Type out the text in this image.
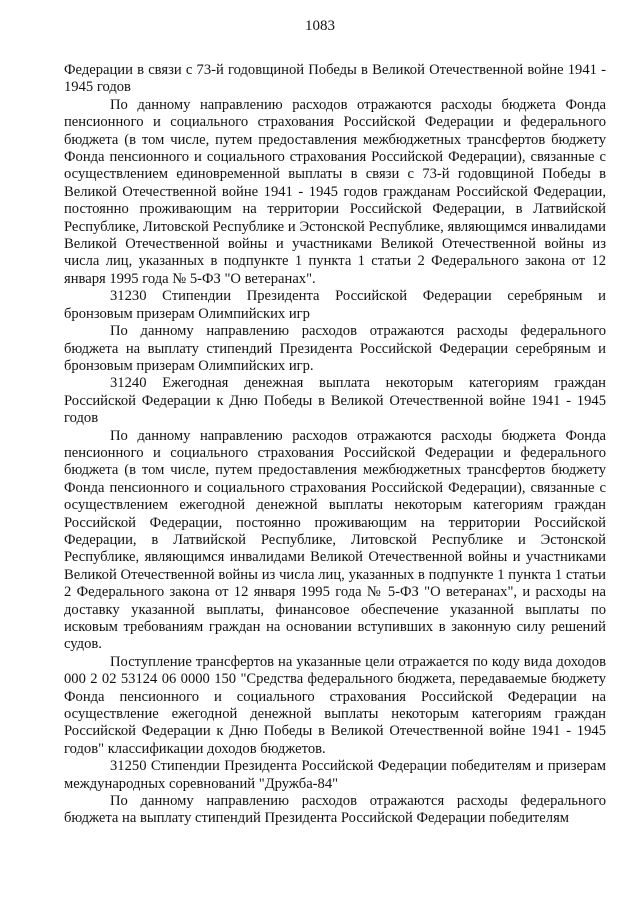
1083

Федерации в связи с 73-й годовщиной Победы в Великой Отечественной войне 1941 - 1945 годов

По данному направлению расходов отражаются расходы бюджета Фонда пенсионного и социального страхования Российской Федерации и федерального бюджета (в том числе, путем предоставления межбюджетных трансфертов бюджету Фонда пенсионного и социального страхования Российской Федерации), связанные с осуществлением единовременной выплаты в связи с 73-й годовщиной Победы в Великой Отечественной войне 1941 - 1945 годов гражданам Российской Федерации, постоянно проживающим на территории Российской Федерации, в Латвийской Республике, Литовской Республике и Эстонской Республике, являющимся инвалидами Великой Отечественной войны и участниками Великой Отечественной войны из числа лиц, указанных в подпункте 1 пункта 1 статьи 2 Федерального закона от 12 января 1995 года № 5-ФЗ "О ветеранах".

31230 Стипендии Президента Российской Федерации серебряным и бронзовым призерам Олимпийских игр

По данному направлению расходов отражаются расходы федерального бюджета на выплату стипендий Президента Российской Федерации серебряным и бронзовым призерам Олимпийских игр.

31240 Ежегодная денежная выплата некоторым категориям граждан Российской Федерации к Дню Победы в Великой Отечественной войне 1941 - 1945 годов

По данному направлению расходов отражаются расходы бюджета Фонда пенсионного и социального страхования Российской Федерации и федерального бюджета (в том числе, путем предоставления межбюджетных трансфертов бюджету Фонда пенсионного и социального страхования Российской Федерации), связанные с осуществлением ежегодной денежной выплаты некоторым категориям граждан Российской Федерации, постоянно проживающим на территории Российской Федерации, в Латвийской Республике, Литовской Республике и Эстонской Республике, являющимся инвалидами Великой Отечественной войны и участниками Великой Отечественной войны из числа лиц, указанных в подпункте 1 пункта 1 статьи 2 Федерального закона от 12 января 1995 года № 5-ФЗ "О ветеранах", и расходы на доставку указанной выплаты, финансовое обеспечение указанной выплаты по исковым требованиям граждан на основании вступивших в законную силу решений судов.

Поступление трансфертов на указанные цели отражается по коду вида доходов 000 2 02 53124 06 0000 150 "Средства федерального бюджета, передаваемые бюджету Фонда пенсионного и социального страхования Российской Федерации на осуществление ежегодной денежной выплаты некоторым категориям граждан Российской Федерации к Дню Победы в Великой Отечественной войне 1941 - 1945 годов" классификации доходов бюджетов.

31250 Стипендии Президента Российской Федерации победителям и призерам международных соревнований "Дружба-84"

По данному направлению расходов отражаются расходы федерального бюджета на выплату стипендий Президента Российской Федерации победителям
